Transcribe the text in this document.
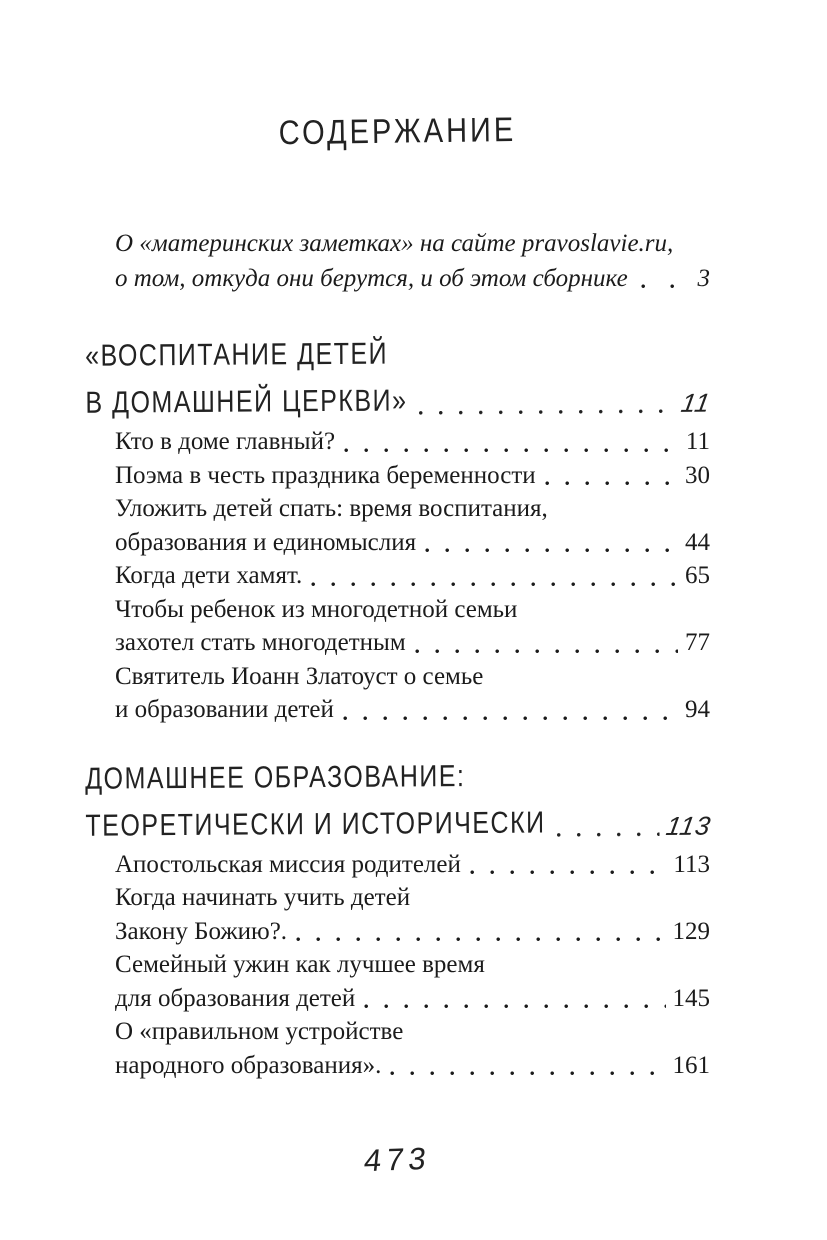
СОДЕРЖАНИЕ
О «материнских заметках» на сайте pravoslavie.ru,
о том, откуда они берутся, и об этом сборнике	3
«ВОСПИТАНИЕ ДЕТЕЙ
В ДОМАШНЕЙ ЦЕРКВИ»	11
Кто в доме главный?	11
Поэма в честь праздника беременности	30
Уложить детей спать: время воспитания,
образования и единомыслия	44
Когда дети хамят.	65
Чтобы ребенок из многодетной семьи
захотел стать многодетным	77
Святитель Иоанн Златоуст о семье
и образовании детей	94
ДОМАШНЕЕ ОБРАЗОВАНИЕ:
ТЕОРЕТИЧЕСКИ И ИСТОРИЧЕСКИ	113
Апостольская миссия родителей	113
Когда начинать учить детей
Закону Божию?.	129
Семейный ужин как лучшее время
для образования детей	145
О «правильном устройстве
народного образования».	161
473
